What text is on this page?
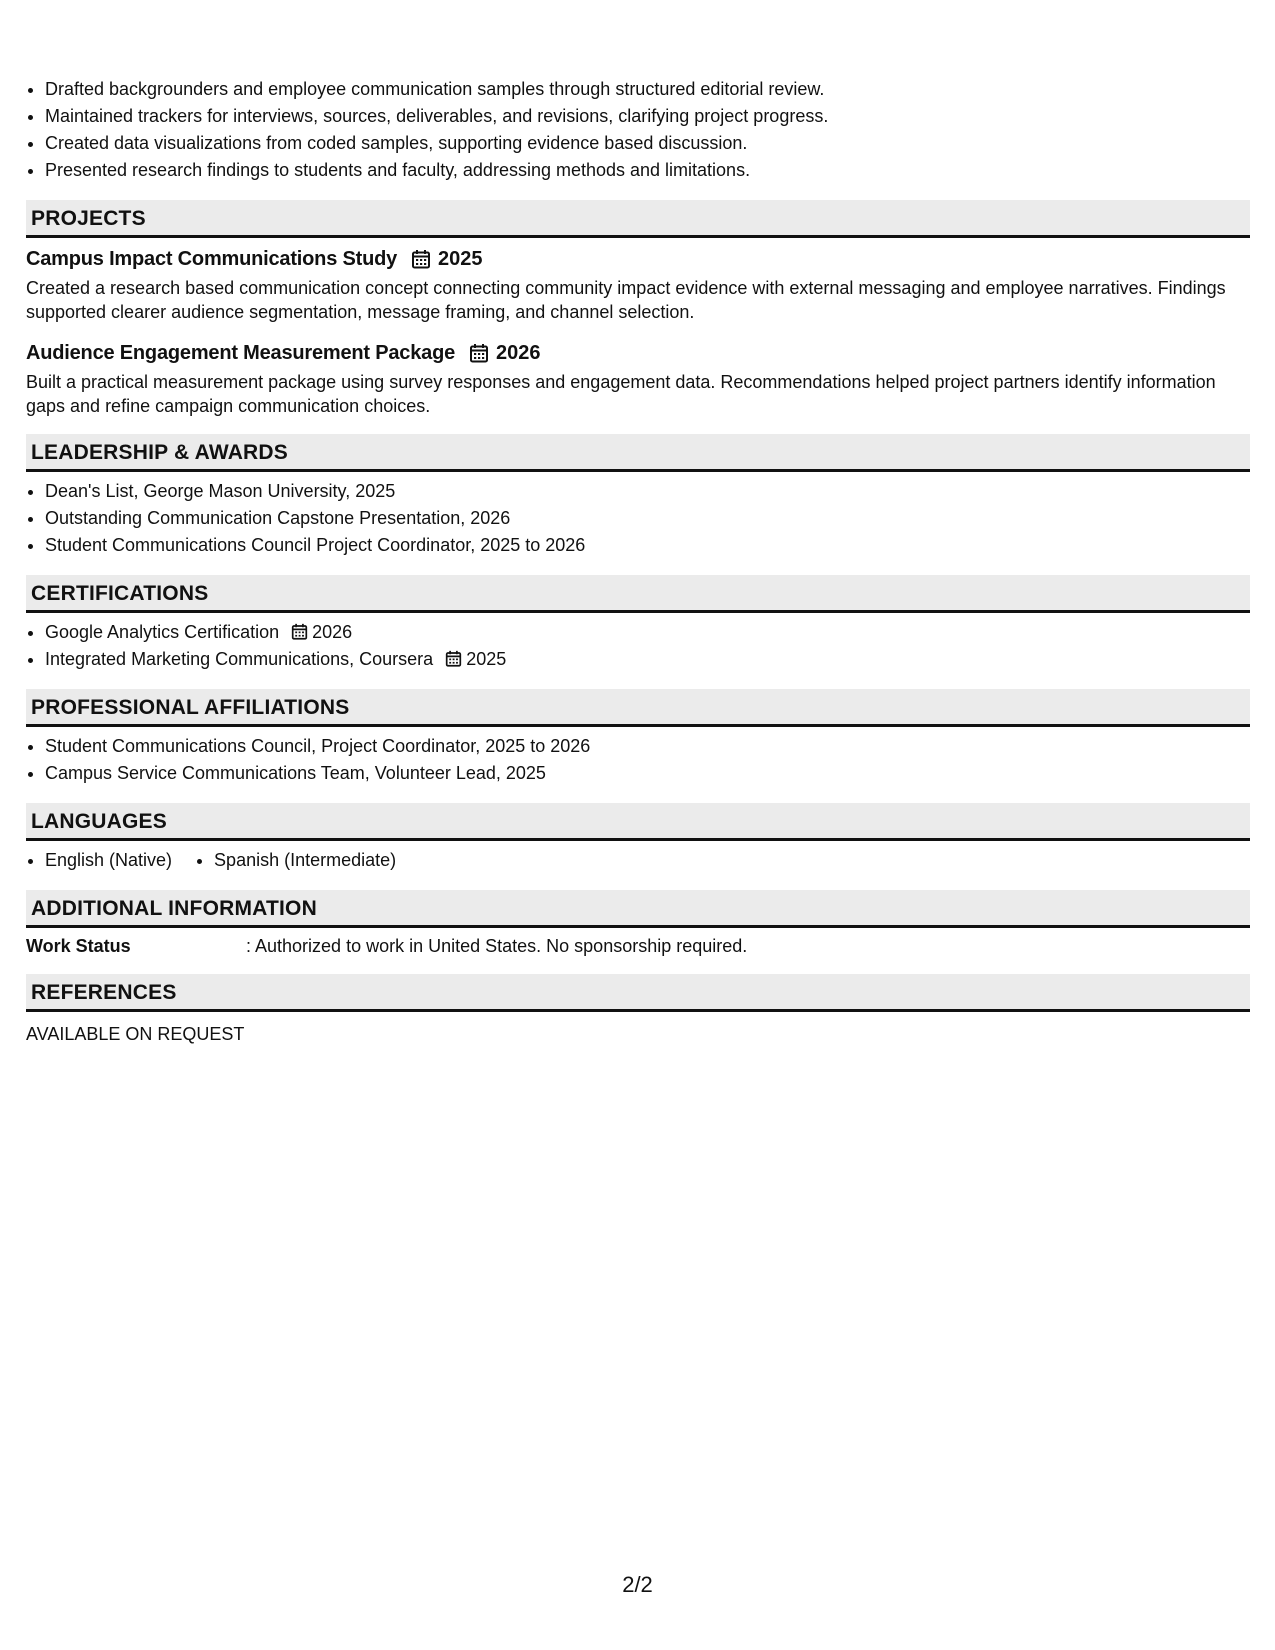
• Drafted backgrounders and employee communication samples through structured editorial review.
• Maintained trackers for interviews, sources, deliverables, and revisions, clarifying project progress.
• Created data visualizations from coded samples, supporting evidence based discussion.
• Presented research findings to students and faculty, addressing methods and limitations.
PROJECTS
Campus Impact Communications Study 2025
Created a research based communication concept connecting community impact evidence with external messaging and employee narratives. Findings supported clearer audience segmentation, message framing, and channel selection.
Audience Engagement Measurement Package 2026
Built a practical measurement package using survey responses and engagement data. Recommendations helped project partners identify information gaps and refine campaign communication choices.
LEADERSHIP & AWARDS
• Dean's List, George Mason University, 2025
• Outstanding Communication Capstone Presentation, 2026
• Student Communications Council Project Coordinator, 2025 to 2026
CERTIFICATIONS
• Google Analytics Certification 2026
• Integrated Marketing Communications, Coursera 2025
PROFESSIONAL AFFILIATIONS
• Student Communications Council, Project Coordinator, 2025 to 2026
• Campus Service Communications Team, Volunteer Lead, 2025
LANGUAGES
• English (Native)
• Spanish (Intermediate)
ADDITIONAL INFORMATION
Work Status	: Authorized to work in United States. No sponsorship required.
REFERENCES
AVAILABLE ON REQUEST
2/2
